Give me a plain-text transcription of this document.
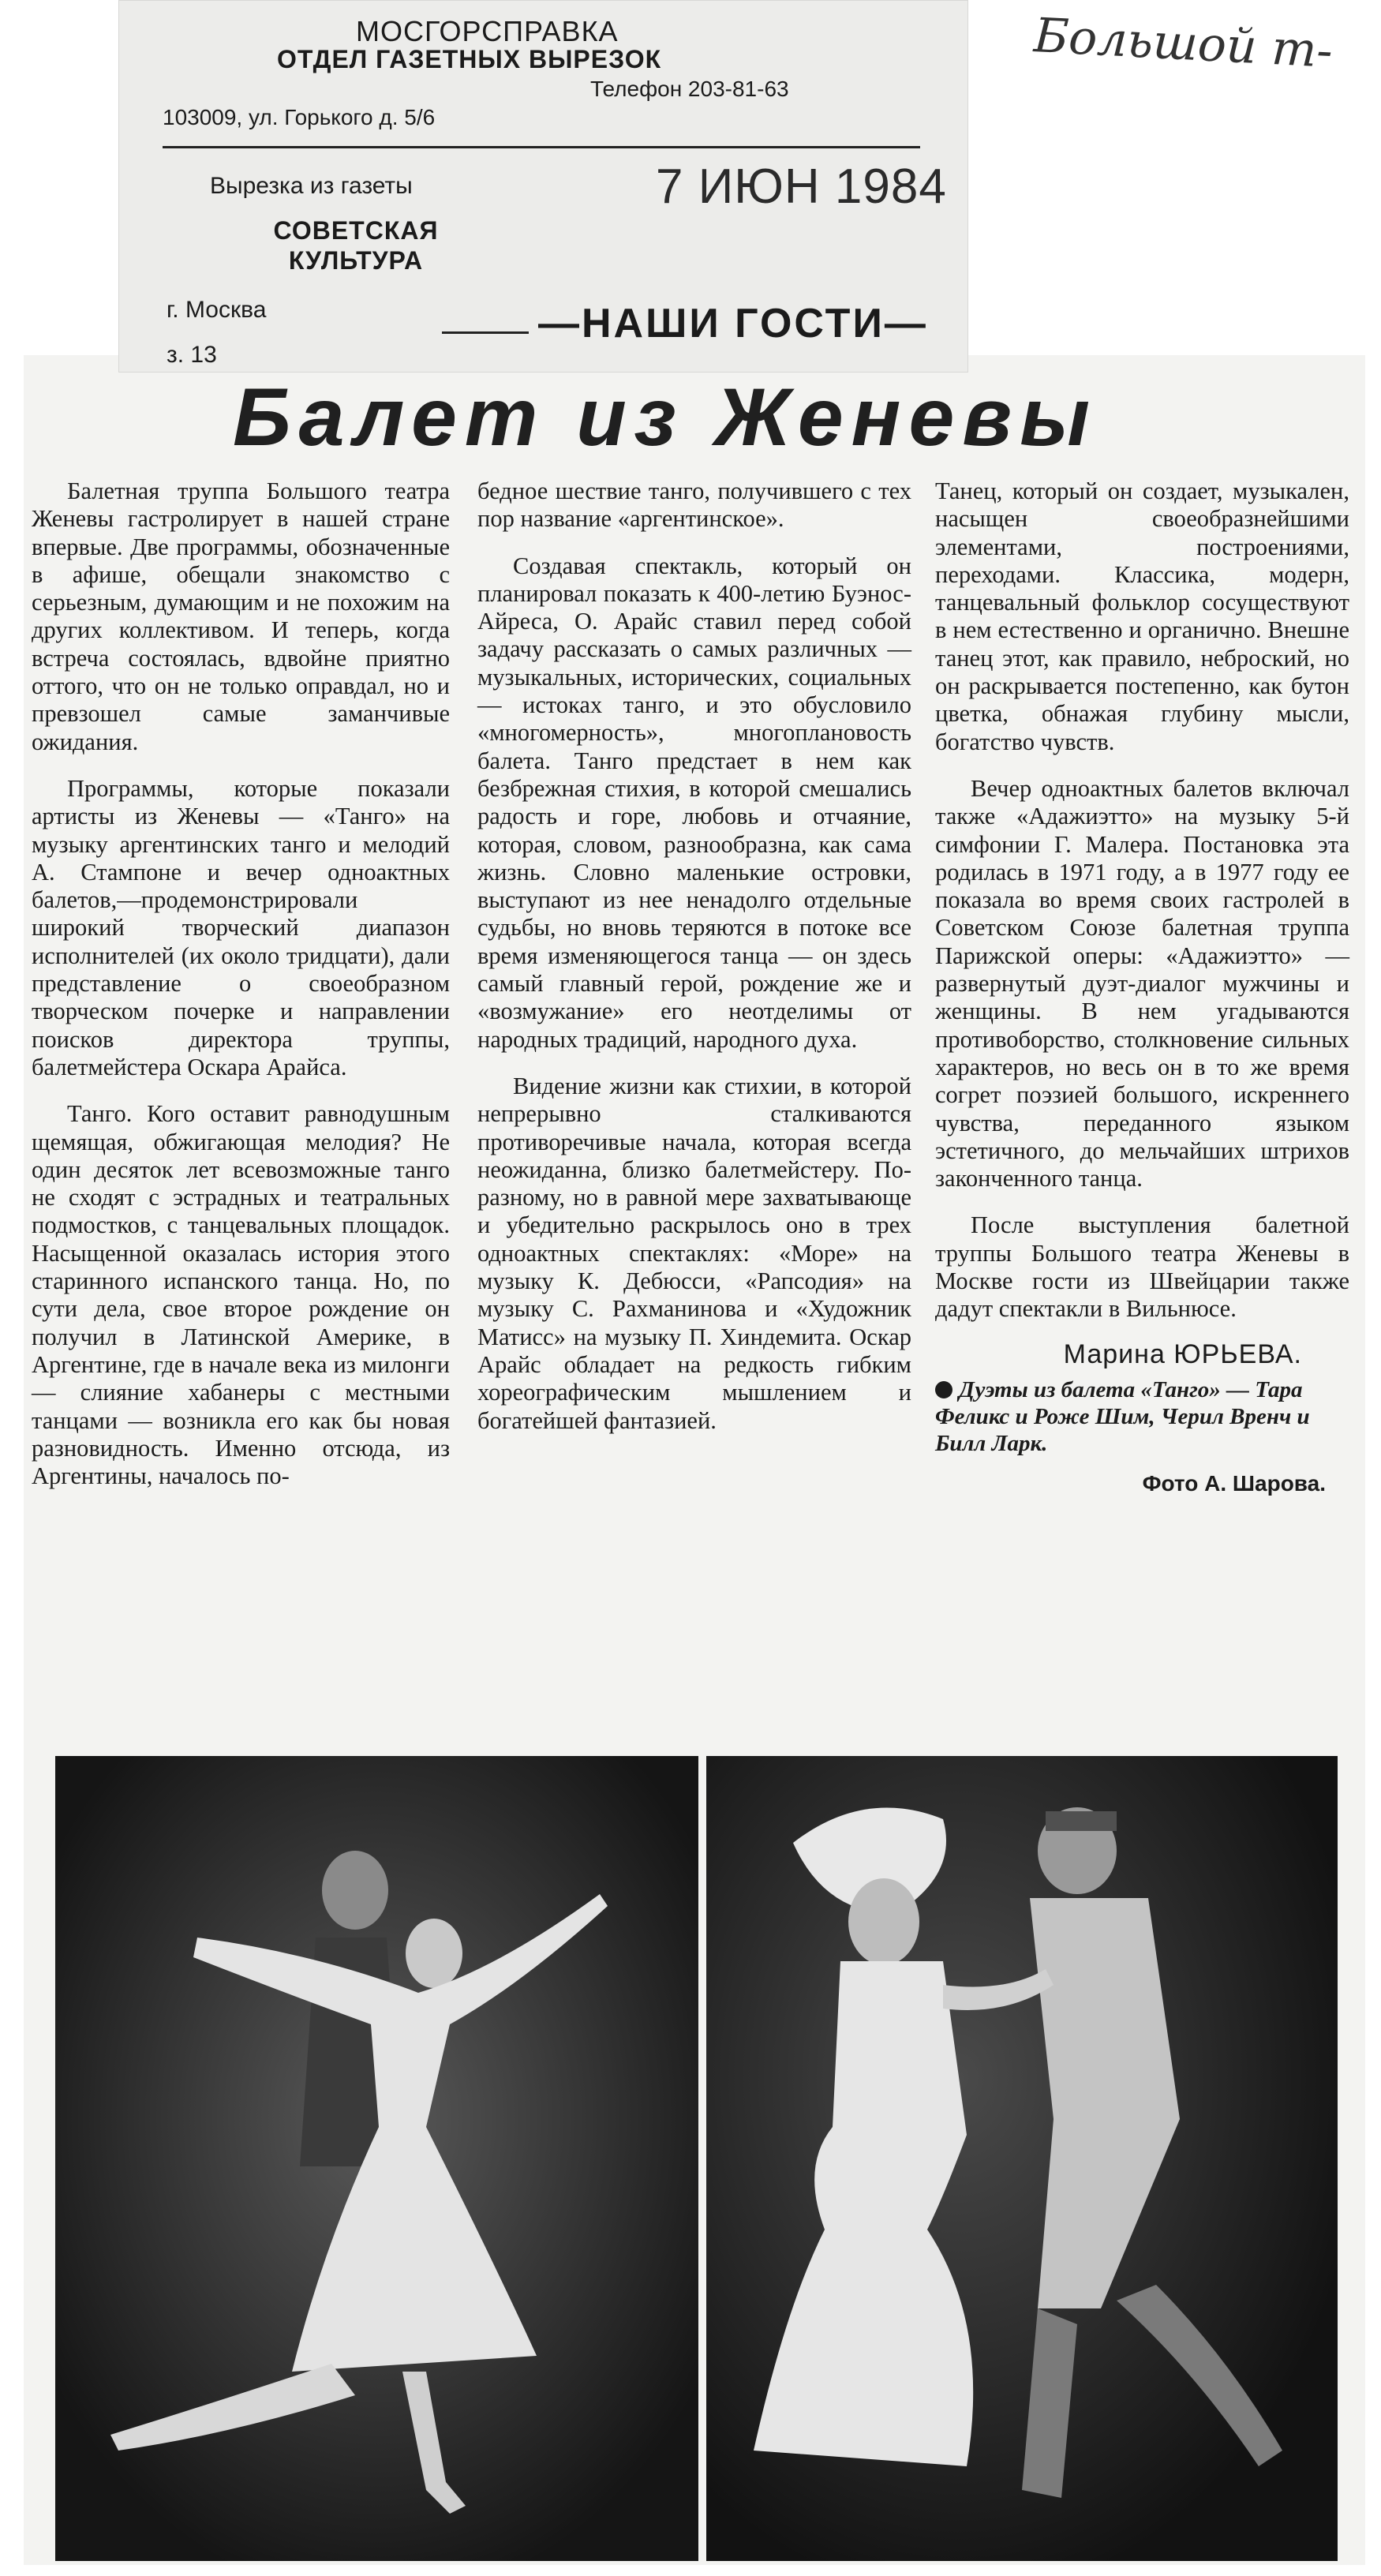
МОСГОРСПРАВКА
ОТДЕЛ ГАЗЕТНЫХ ВЫРЕЗОК
Телефон 203-81-63
103009, ул. Горького д. 5/6
Вырезка из газеты
СОВЕТСКАЯ КУЛЬТУРА
7 ИЮН 1984
г. Москва
з. 13
Большой т-
—НАШИ ГОСТИ—
Балет из Женевы

Балетная труппа Большого театра Женевы гастролирует в нашей стране впервые. Две программы, обозначенные в афише, обещали знакомство с серьезным, думающим и не похожим на других коллективом. И теперь, когда встреча состоялась, вдвойне приятно оттого, что он не только оправдал, но и превзошел самые заманчивые ожидания.

Программы, которые показали артисты из Женевы — «Танго» на музыку аргентинских танго и мелодий А. Стампоне и вечер одноактных балетов,—продемонстрировали широкий творческий диапазон исполнителей (их около тридцати), дали представление о своеобразном творческом почерке и направлении поисков директора труппы, балетмейстера Оскара Арайса.

Танго. Кого оставит равнодушным щемящая, обжигающая мелодия? Не один десяток лет всевозможные танго не сходят с эстрадных и театральных подмостков, с танцевальных площадок. Насыщенной оказалась история этого старинного испанского танца. Но, по сути дела, свое второе рождение он получил в Латинской Америке, в Аргентине, где в начале века из милонги — слияние хабанеры с местными танцами — возникла его как бы новая разновидность. Именно отсюда, из Аргентины, началось по-

бедное шествие танго, получившего с тех пор название «аргентинское».

Создавая спектакль, который он планировал показать к 400-летию Буэнос-Айреса, О. Арайс ставил перед собой задачу рассказать о самых различных — музыкальных, исторических, социальных — истоках танго, и это обусловило «многомерность», многоплановость балета. Танго предстает в нем как безбрежная стихия, в которой смешались радость и горе, любовь и отчаяние, которая, словом, разнообразна, как сама жизнь. Словно маленькие островки, выступают из нее ненадолго отдельные судьбы, но вновь теряются в потоке все время изменяющегося танца — он здесь самый главный герой, рождение же и «возмужание» его неотделимы от народных традиций, народного духа.

Видение жизни как стихии, в которой непрерывно сталкиваются противоречивые начала, которая всегда неожиданна, близко балетмейстеру. По-разному, но в равной мере захватывающе и убедительно раскрылось оно в трех одноактных спектаклях: «Море» на музыку К. Дебюсси, «Рапсодия» на музыку С. Рахманинова и «Художник Матисс» на музыку П. Хиндемита. Оскар Арайс обладает на редкость гибким хореографическим мышлением и богатейшей фантазией.

Танец, который он создает, музыкален, насыщен своеобразнейшими элементами, построениями, переходами. Классика, модерн, танцевальный фольклор сосуществуют в нем естественно и органично. Внешне танец этот, как правило, неброский, но он раскрывается постепенно, как бутон цветка, обнажая глубину мысли, богатство чувств.

Вечер одноактных балетов включал также «Адажиэтто» на музыку 5-й симфонии Г. Малера. Постановка эта родилась в 1971 году, а в 1977 году ее показала во время своих гастролей в Советском Союзе балетная труппа Парижской оперы: «Адажиэтто» — развернутый дуэт-диалог мужчины и женщины. В нем угадываются противоборство, столкновение сильных характеров, но весь он в то же время согрет поэзией большого, искреннего чувства, переданного языком эстетичного, до мельчайших штрихов законченного танца.

После выступления балетной труппы Большого театра Женевы в Москве гости из Швейцарии также дадут спектакли в Вильнюсе.

Марина ЮРЬЕВА.
Дуэты из балета «Танго» — Тара Феликс и Роже Шим, Черил Вренч и Билл Ларк.
Фото А. Шарова.
